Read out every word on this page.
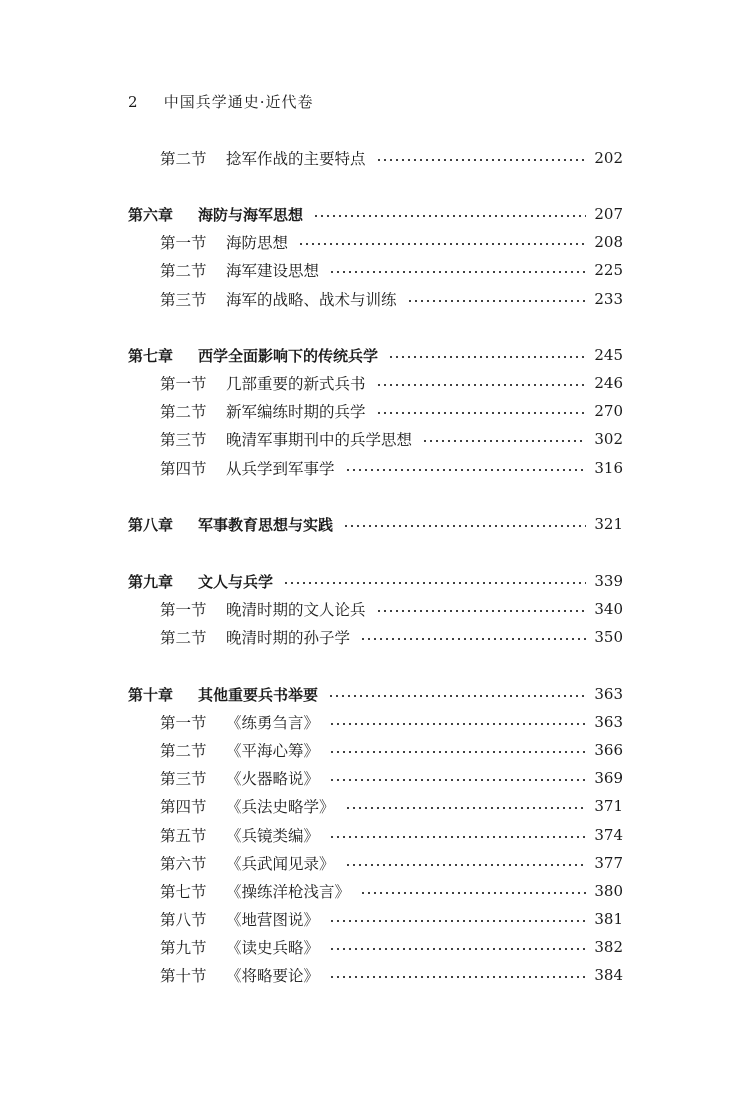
2 中国兵学通史·近代卷
第二节	捻军作战的主要特点	202
第六章	海防与海军思想	207
第一节	海防思想	208
第二节	海军建设思想	225
第三节	海军的战略、战术与训练	233
第七章	西学全面影响下的传统兵学	245
第一节	几部重要的新式兵书	246
第二节	新军编练时期的兵学	270
第三节	晚清军事期刊中的兵学思想	302
第四节	从兵学到军事学	316
第八章	军事教育思想与实践	321
第九章	文人与兵学	339
第一节	晚清时期的文人论兵	340
第二节	晚清时期的孙子学	350
第十章	其他重要兵书举要	363
第一节	《练勇刍言》	363
第二节	《平海心筹》	366
第三节	《火器略说》	369
第四节	《兵法史略学》	371
第五节	《兵镜类编》	374
第六节	《兵武闻见录》	377
第七节	《操练洋枪浅言》	380
第八节	《地营图说》	381
第九节	《读史兵略》	382
第十节	《将略要论》	384
